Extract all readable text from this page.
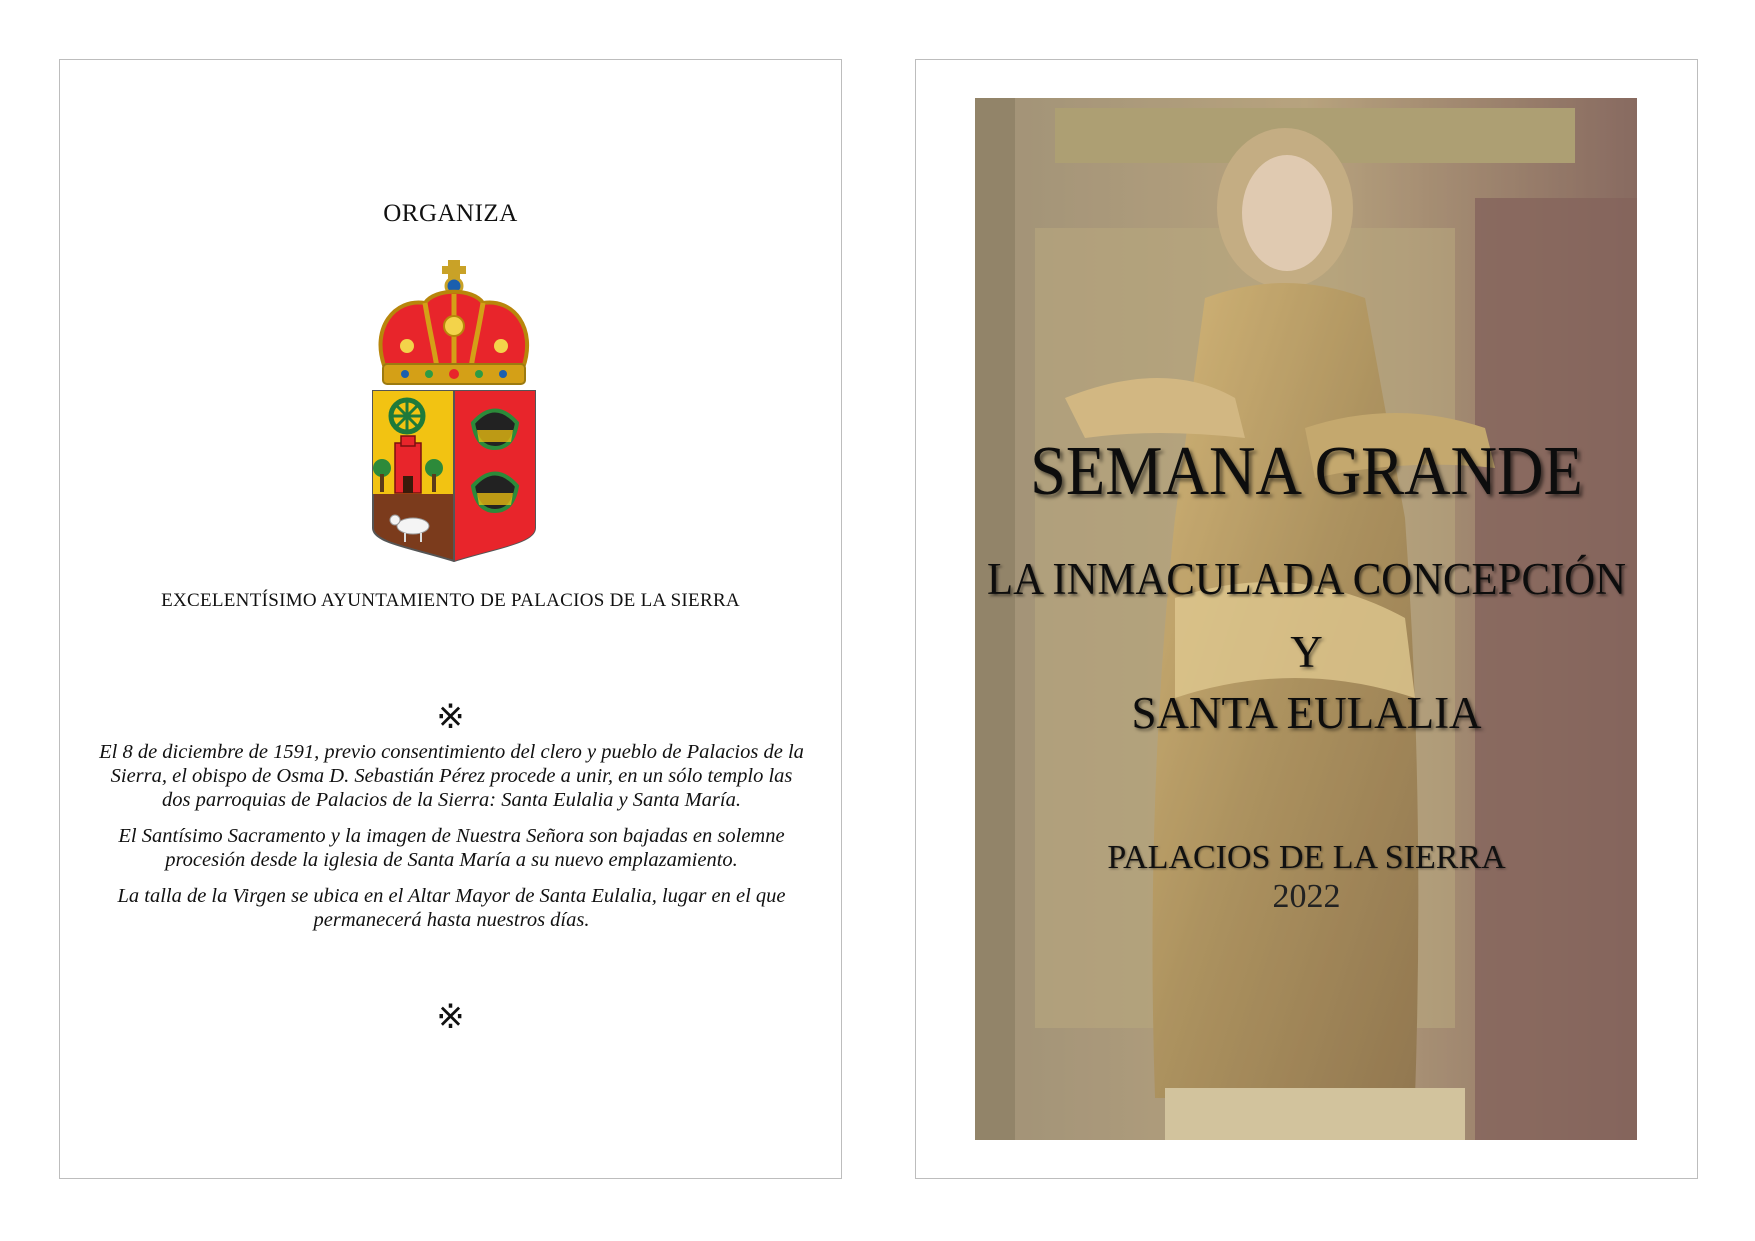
ORGANIZA
EXCELENTÍSIMO AYUNTAMIENTO DE PALACIOS DE LA SIERRA
※

El 8 de diciembre de 1591, previo consentimiento del clero y pueblo de Palacios de la Sierra, el obispo de Osma D. Sebastián Pérez procede a unir, en un sólo templo las dos parroquias de Palacios de la Sierra: Santa Eulalia y Santa María.

El Santísimo Sacramento y la imagen de Nuestra Señora son bajadas en solemne procesión desde la iglesia de Santa María a su nuevo emplazamiento.

La talla de la Virgen se ubica en el Altar Mayor de Santa Eulalia, lugar en el que permanecerá hasta nuestros días.

※
SEMANA GRANDE
LA INMACULADA CONCEPCIÓN
Y
SANTA EULALIA
PALACIOS DE LA SIERRA
2022
